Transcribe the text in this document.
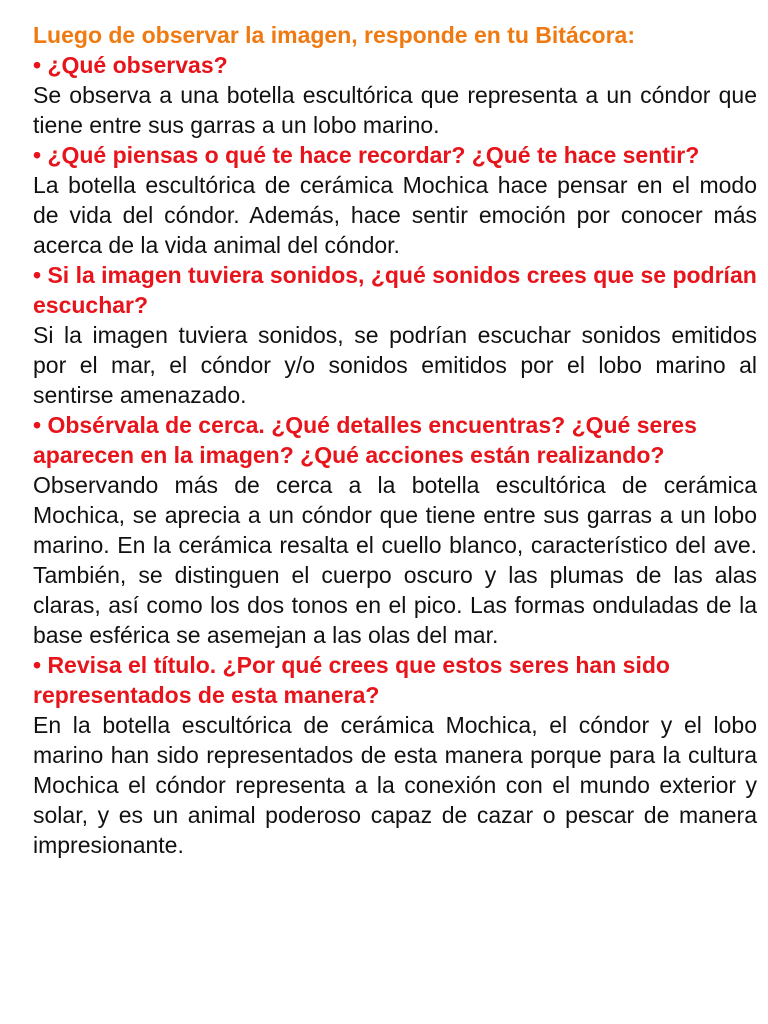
Luego de observar la imagen, responde en tu Bitácora:

• ¿Qué observas?

Se observa a una botella escultórica que representa a un cóndor que tiene entre sus garras a un lobo marino.

• ¿Qué piensas o qué te hace recordar? ¿Qué te hace sentir?

La botella escultórica de cerámica Mochica hace pensar en el modo de vida del cóndor. Además, hace sentir emoción por conocer más acerca de la vida animal del cóndor.

• Si la imagen tuviera sonidos, ¿qué sonidos crees que se podrían escuchar?

Si la imagen tuviera sonidos, se podrían escuchar sonidos emitidos por el mar, el cóndor y/o sonidos emitidos por el lobo marino al sentirse amenazado.

• Obsérvala de cerca. ¿Qué detalles encuentras? ¿Qué seres aparecen en la imagen? ¿Qué acciones están realizando?

Observando más de cerca a la botella escultórica de cerámica Mochica, se aprecia a un cóndor que tiene entre sus garras a un lobo marino. En la cerámica resalta el cuello blanco, característico del ave. También, se distinguen el cuerpo oscuro y las plumas de las alas claras, así como los dos tonos en el pico. Las formas onduladas de la base esférica se asemejan a las olas del mar.

• Revisa el título. ¿Por qué crees que estos seres han sido representados de esta manera?

En la botella escultórica de cerámica Mochica, el cóndor y el lobo marino han sido representados de esta manera porque para la cultura Mochica el cóndor representa a la conexión con el mundo exterior y solar, y es un animal poderoso capaz de cazar o pescar de manera impresionante.
